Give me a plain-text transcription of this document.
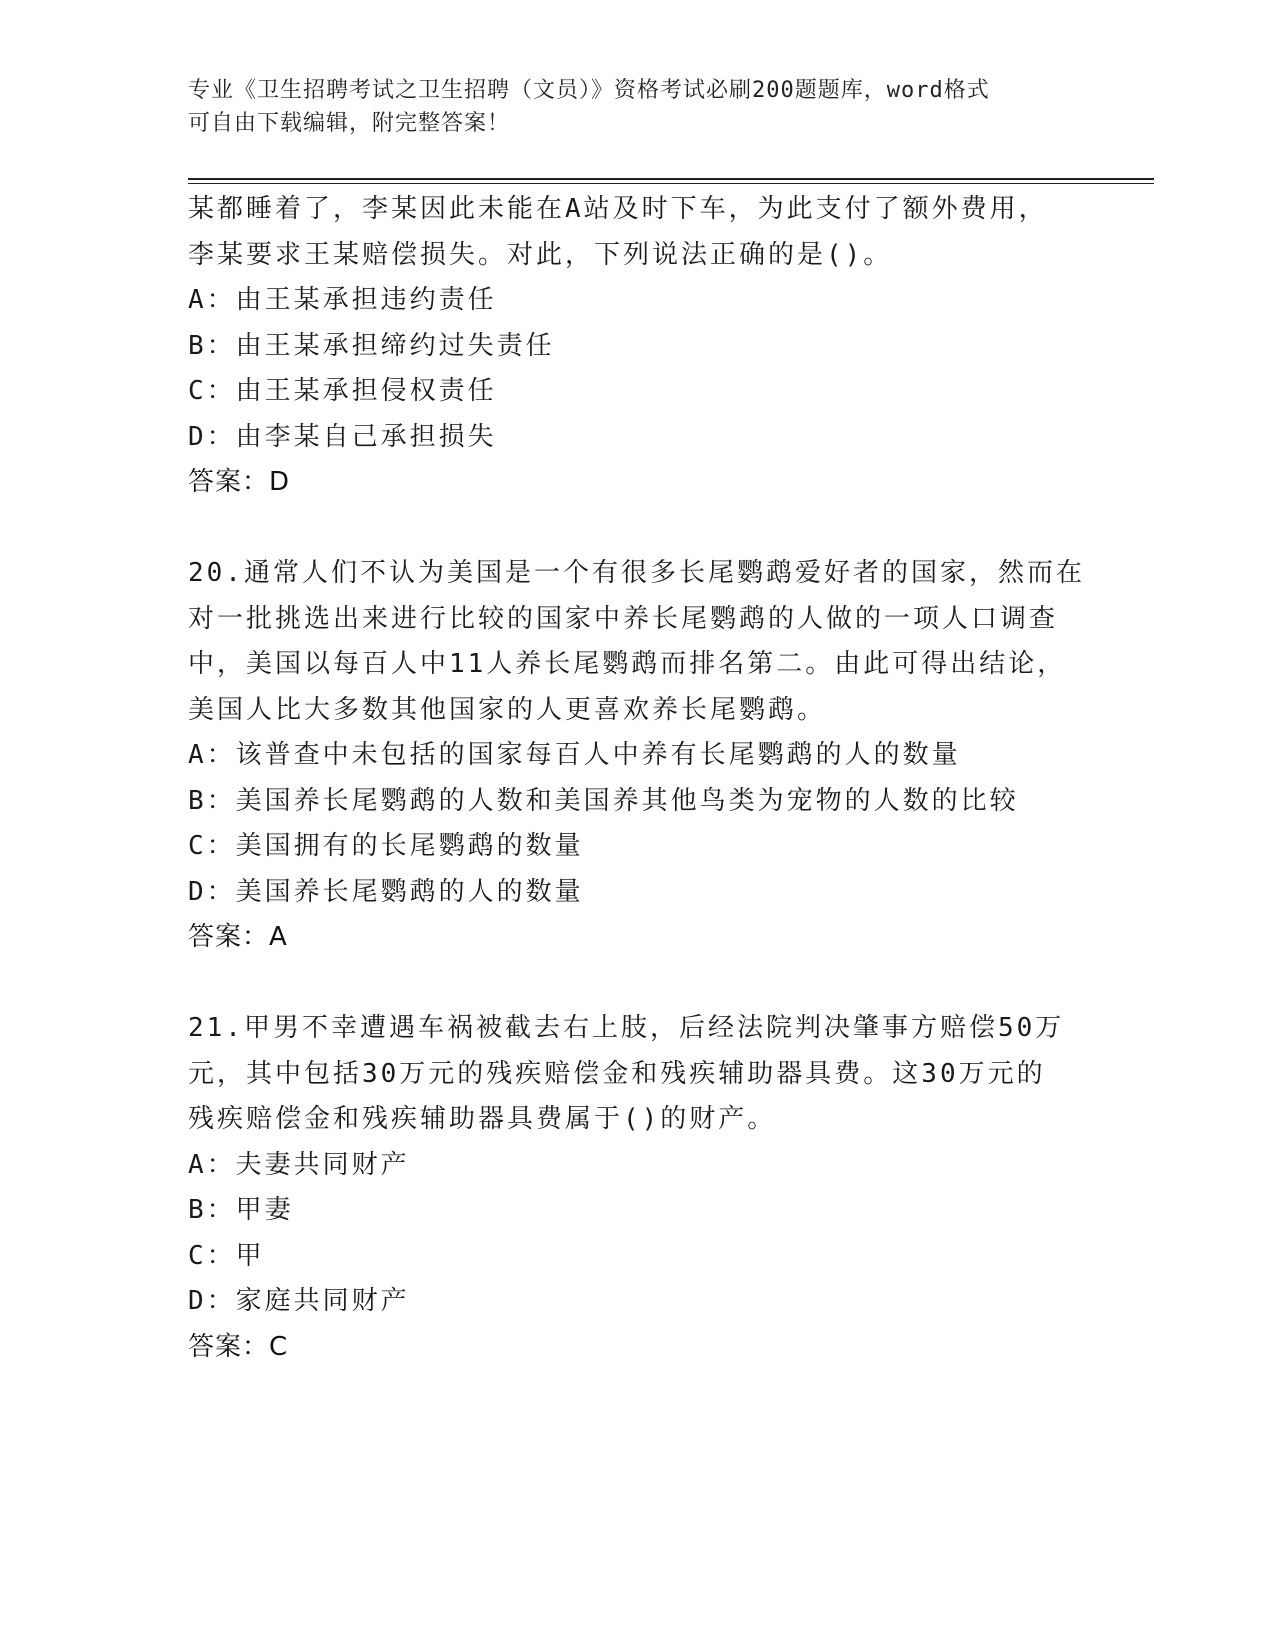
专业《卫生招聘考试之卫生招聘（文员）》资格考试必刷200题题库，word格式
可自由下载编辑，附完整答案！
某都睡着了，李某因此未能在A站及时下车，为此支付了额外费用，
李某要求王某赔偿损失。对此，下列说法正确的是()。
A：由王某承担违约责任
B：由王某承担缔约过失责任
C：由王某承担侵权责任
D：由李某自己承担损失
答案：D
20.通常人们不认为美国是一个有很多长尾鹦鹉爱好者的国家，然而在
对一批挑选出来进行比较的国家中养长尾鹦鹉的人做的一项人口调查
中，美国以每百人中11人养长尾鹦鹉而排名第二。由此可得出结论，
美国人比大多数其他国家的人更喜欢养长尾鹦鹉。
A：该普查中未包括的国家每百人中养有长尾鹦鹉的人的数量
B：美国养长尾鹦鹉的人数和美国养其他鸟类为宠物的人数的比较
C：美国拥有的长尾鹦鹉的数量
D：美国养长尾鹦鹉的人的数量
答案：A
21.甲男不幸遭遇车祸被截去右上肢，后经法院判决肇事方赔偿50万
元，其中包括30万元的残疾赔偿金和残疾辅助器具费。这30万元的
残疾赔偿金和残疾辅助器具费属于()的财产。
A：夫妻共同财产
B：甲妻
C：甲
D：家庭共同财产
答案：C
